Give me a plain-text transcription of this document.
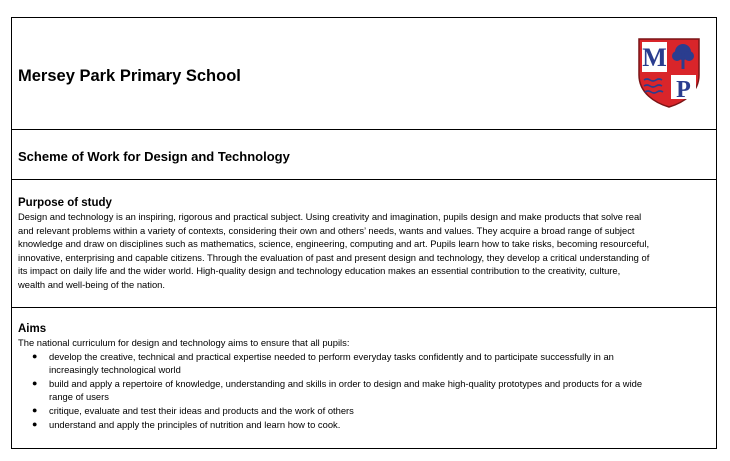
Mersey Park Primary School
M
P
Scheme of Work for Design and Technology
Purpose of study
Design and technology is an inspiring, rigorous and practical subject. Using creativity and imagination, pupils design and make products that solve real
and relevant problems within a variety of contexts, considering their own and others’ needs, wants and values. They acquire a broad range of subject
knowledge and draw on disciplines such as mathematics, science, engineering, computing and art. Pupils learn how to take risks, becoming resourceful,
innovative, enterprising and capable citizens. Through the evaluation of past and present design and technology, they develop a critical understanding of
its impact on daily life and the wider world. High-quality design and technology education makes an essential contribution to the creativity, culture,
wealth and well-being of the nation.
Aims

The national curriculum for design and technology aims to ensure that all pupils:

● develop the creative, technical and practical expertise needed to perform everyday tasks confidently and to participate successfully in an
increasingly technological world
● build and apply a repertoire of knowledge, understanding and skills in order to design and make high-quality prototypes and products for a wide
range of users
● critique, evaluate and test their ideas and products and the work of others
● understand and apply the principles of nutrition and learn how to cook.
